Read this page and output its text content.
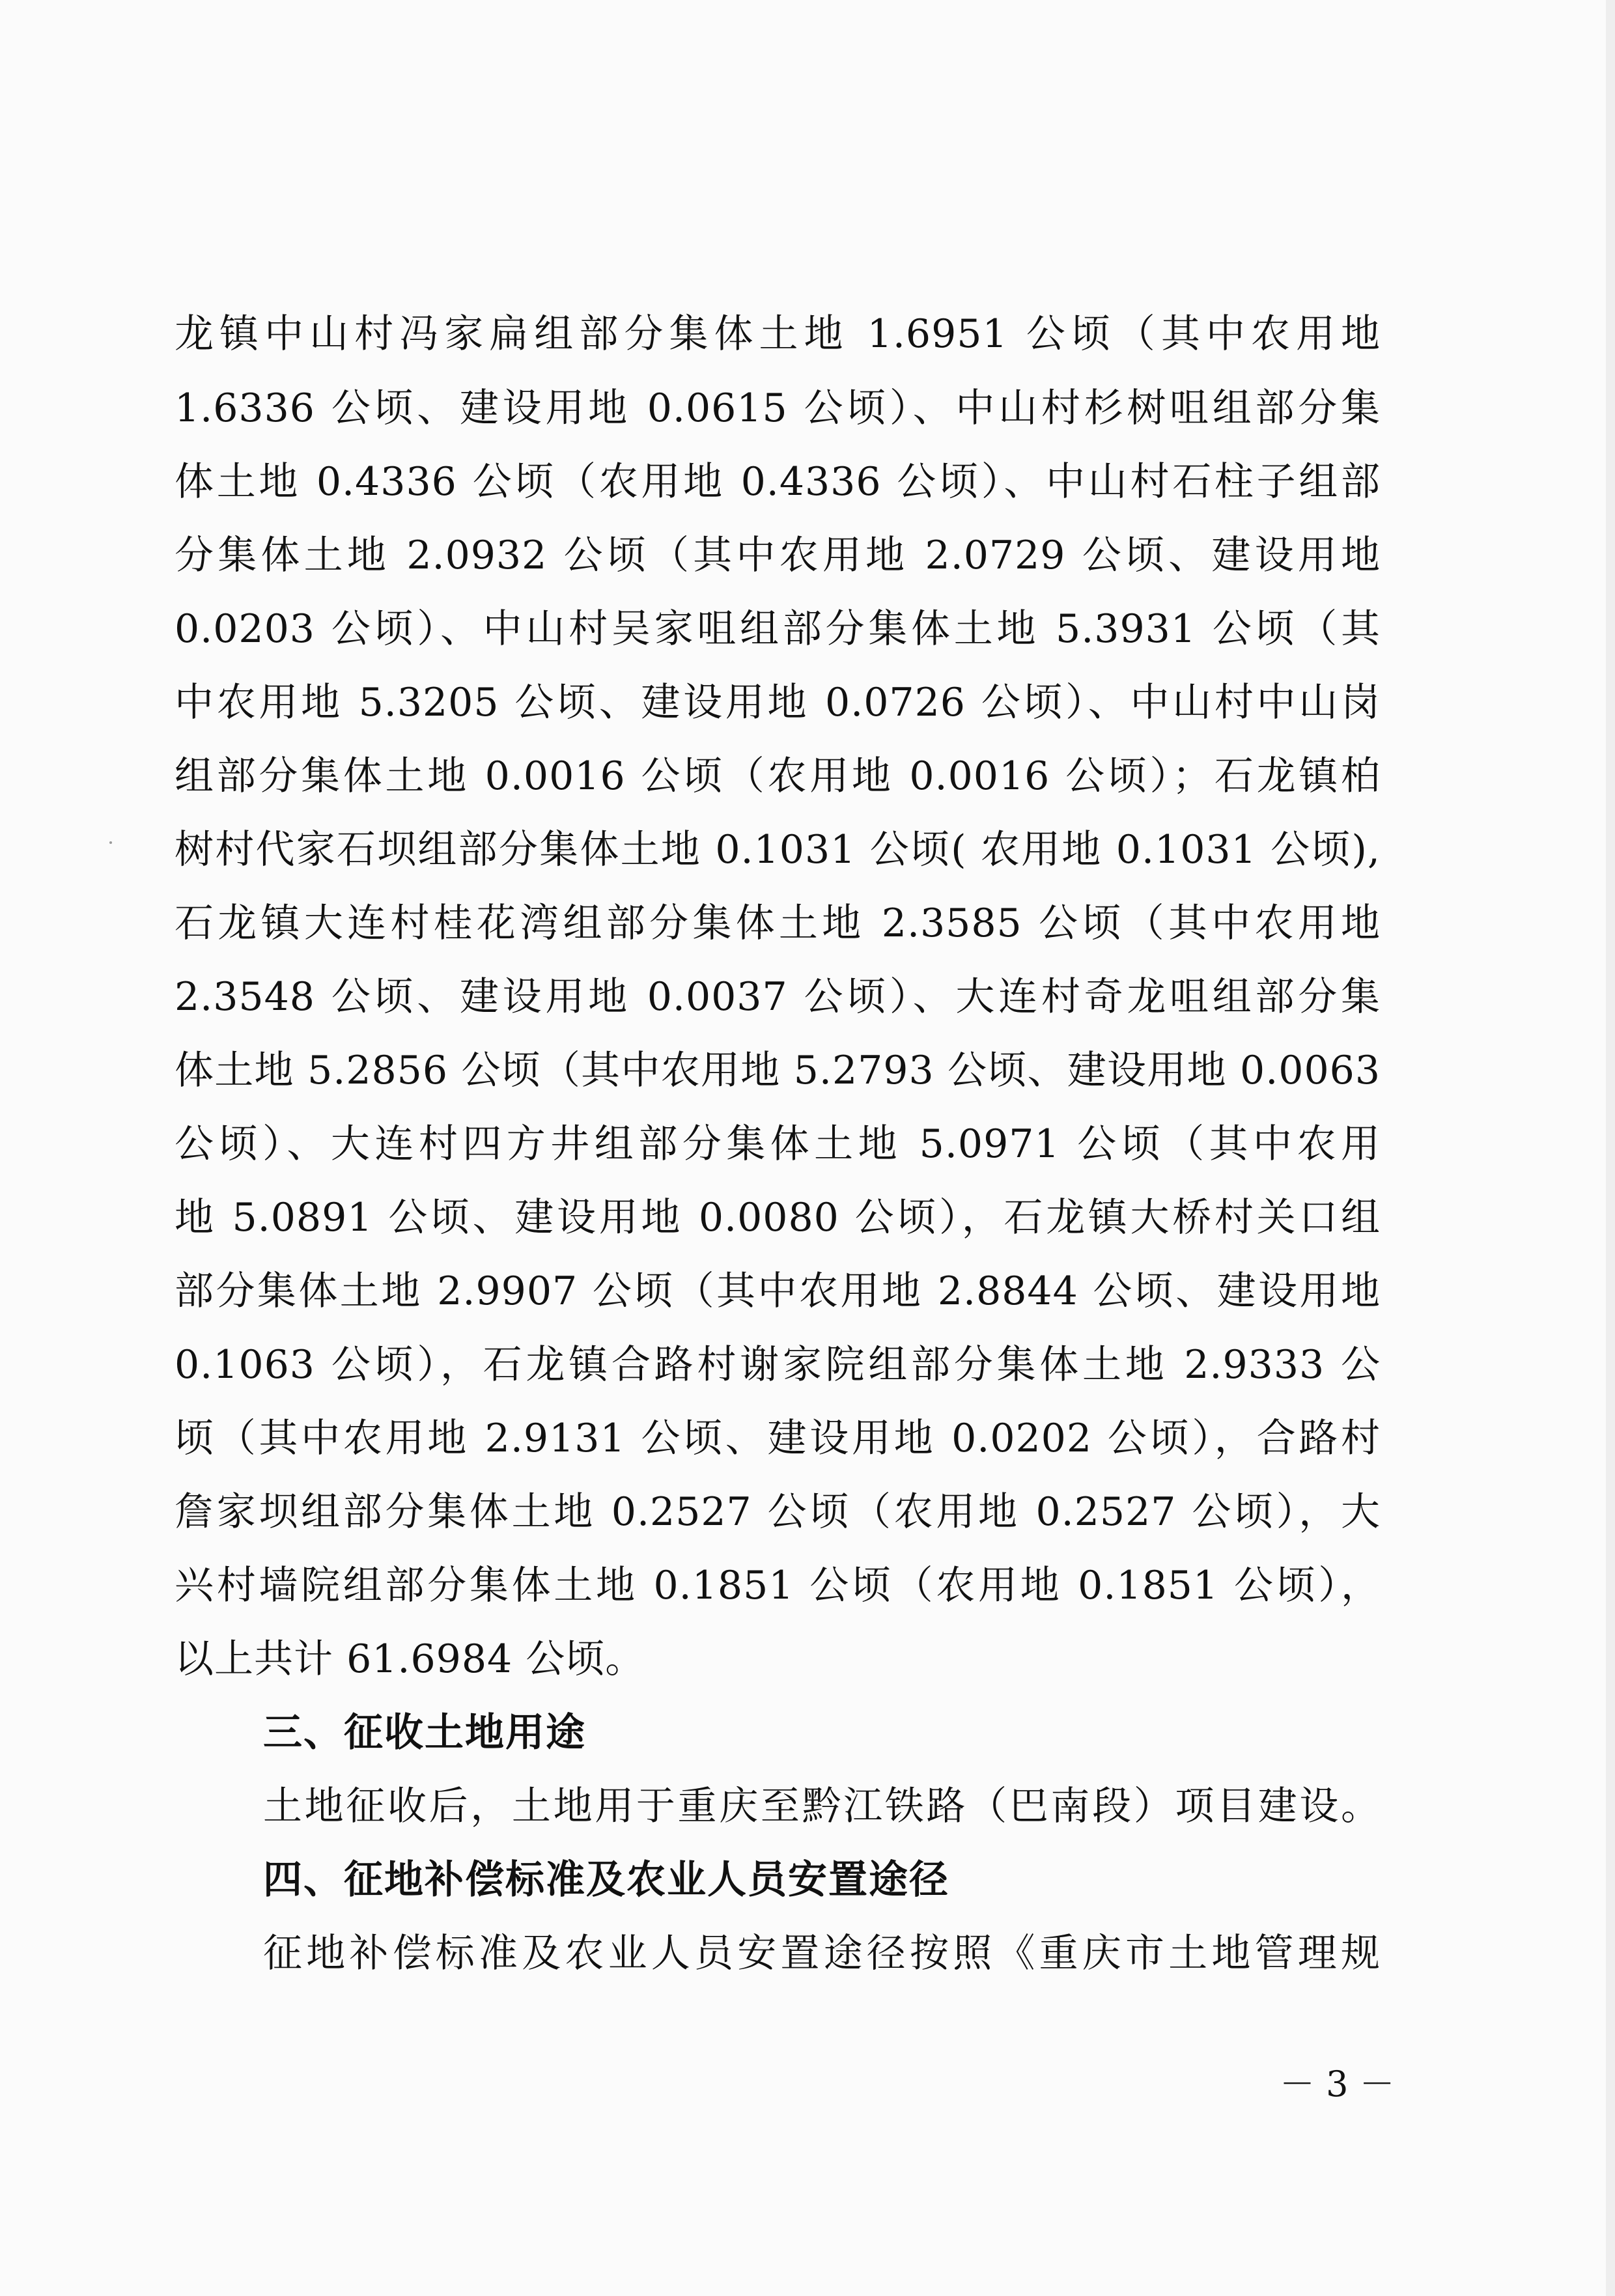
龙镇中山村冯家扁组部分集体土地 1.6951 公顷（其中农用地
1.6336 公顷、建设用地 0.0615 公顷）、中山村杉树咀组部分集
体土地 0.4336 公顷（农用地 0.4336 公顷）、中山村石柱子组部
分集体土地 2.0932 公顷（其中农用地 2.0729 公顷、建设用地
0.0203 公顷）、中山村吴家咀组部分集体土地 5.3931 公顷（其
中农用地 5.3205 公顷、建设用地 0.0726 公顷）、中山村中山岗
组部分集体土地 0.0016 公顷（农用地 0.0016 公顷）；石龙镇柏
树村代家石坝组部分集体土地 0.1031 公顷( 农用地 0.1031 公顷),
石龙镇大连村桂花湾组部分集体土地 2.3585 公顷（其中农用地
2.3548 公顷、建设用地 0.0037 公顷）、大连村奇龙咀组部分集
体土地 5.2856 公顷（其中农用地 5.2793 公顷、建设用地 0.0063
公顷）、大连村四方井组部分集体土地 5.0971 公顷（其中农用
地 5.0891 公顷、建设用地 0.0080 公顷），石龙镇大桥村关口组
部分集体土地 2.9907 公顷（其中农用地 2.8844 公顷、建设用地
0.1063 公顷），石龙镇合路村谢家院组部分集体土地 2.9333 公
顷（其中农用地 2.9131 公顷、建设用地 0.0202 公顷），合路村
詹家坝组部分集体土地 0.2527 公顷（农用地 0.2527 公顷），大
兴村墙院组部分集体土地 0.1851 公顷（农用地 0.1851 公顷），
以上共计 61.6984 公顷。
三、征收土地用途
土地征收后，土地用于重庆至黔江铁路（巴南段）项目建设。
四、征地补偿标准及农业人员安置途径
征地补偿标准及农业人员安置途径按照《重庆市土地管理规
－ 3 －
